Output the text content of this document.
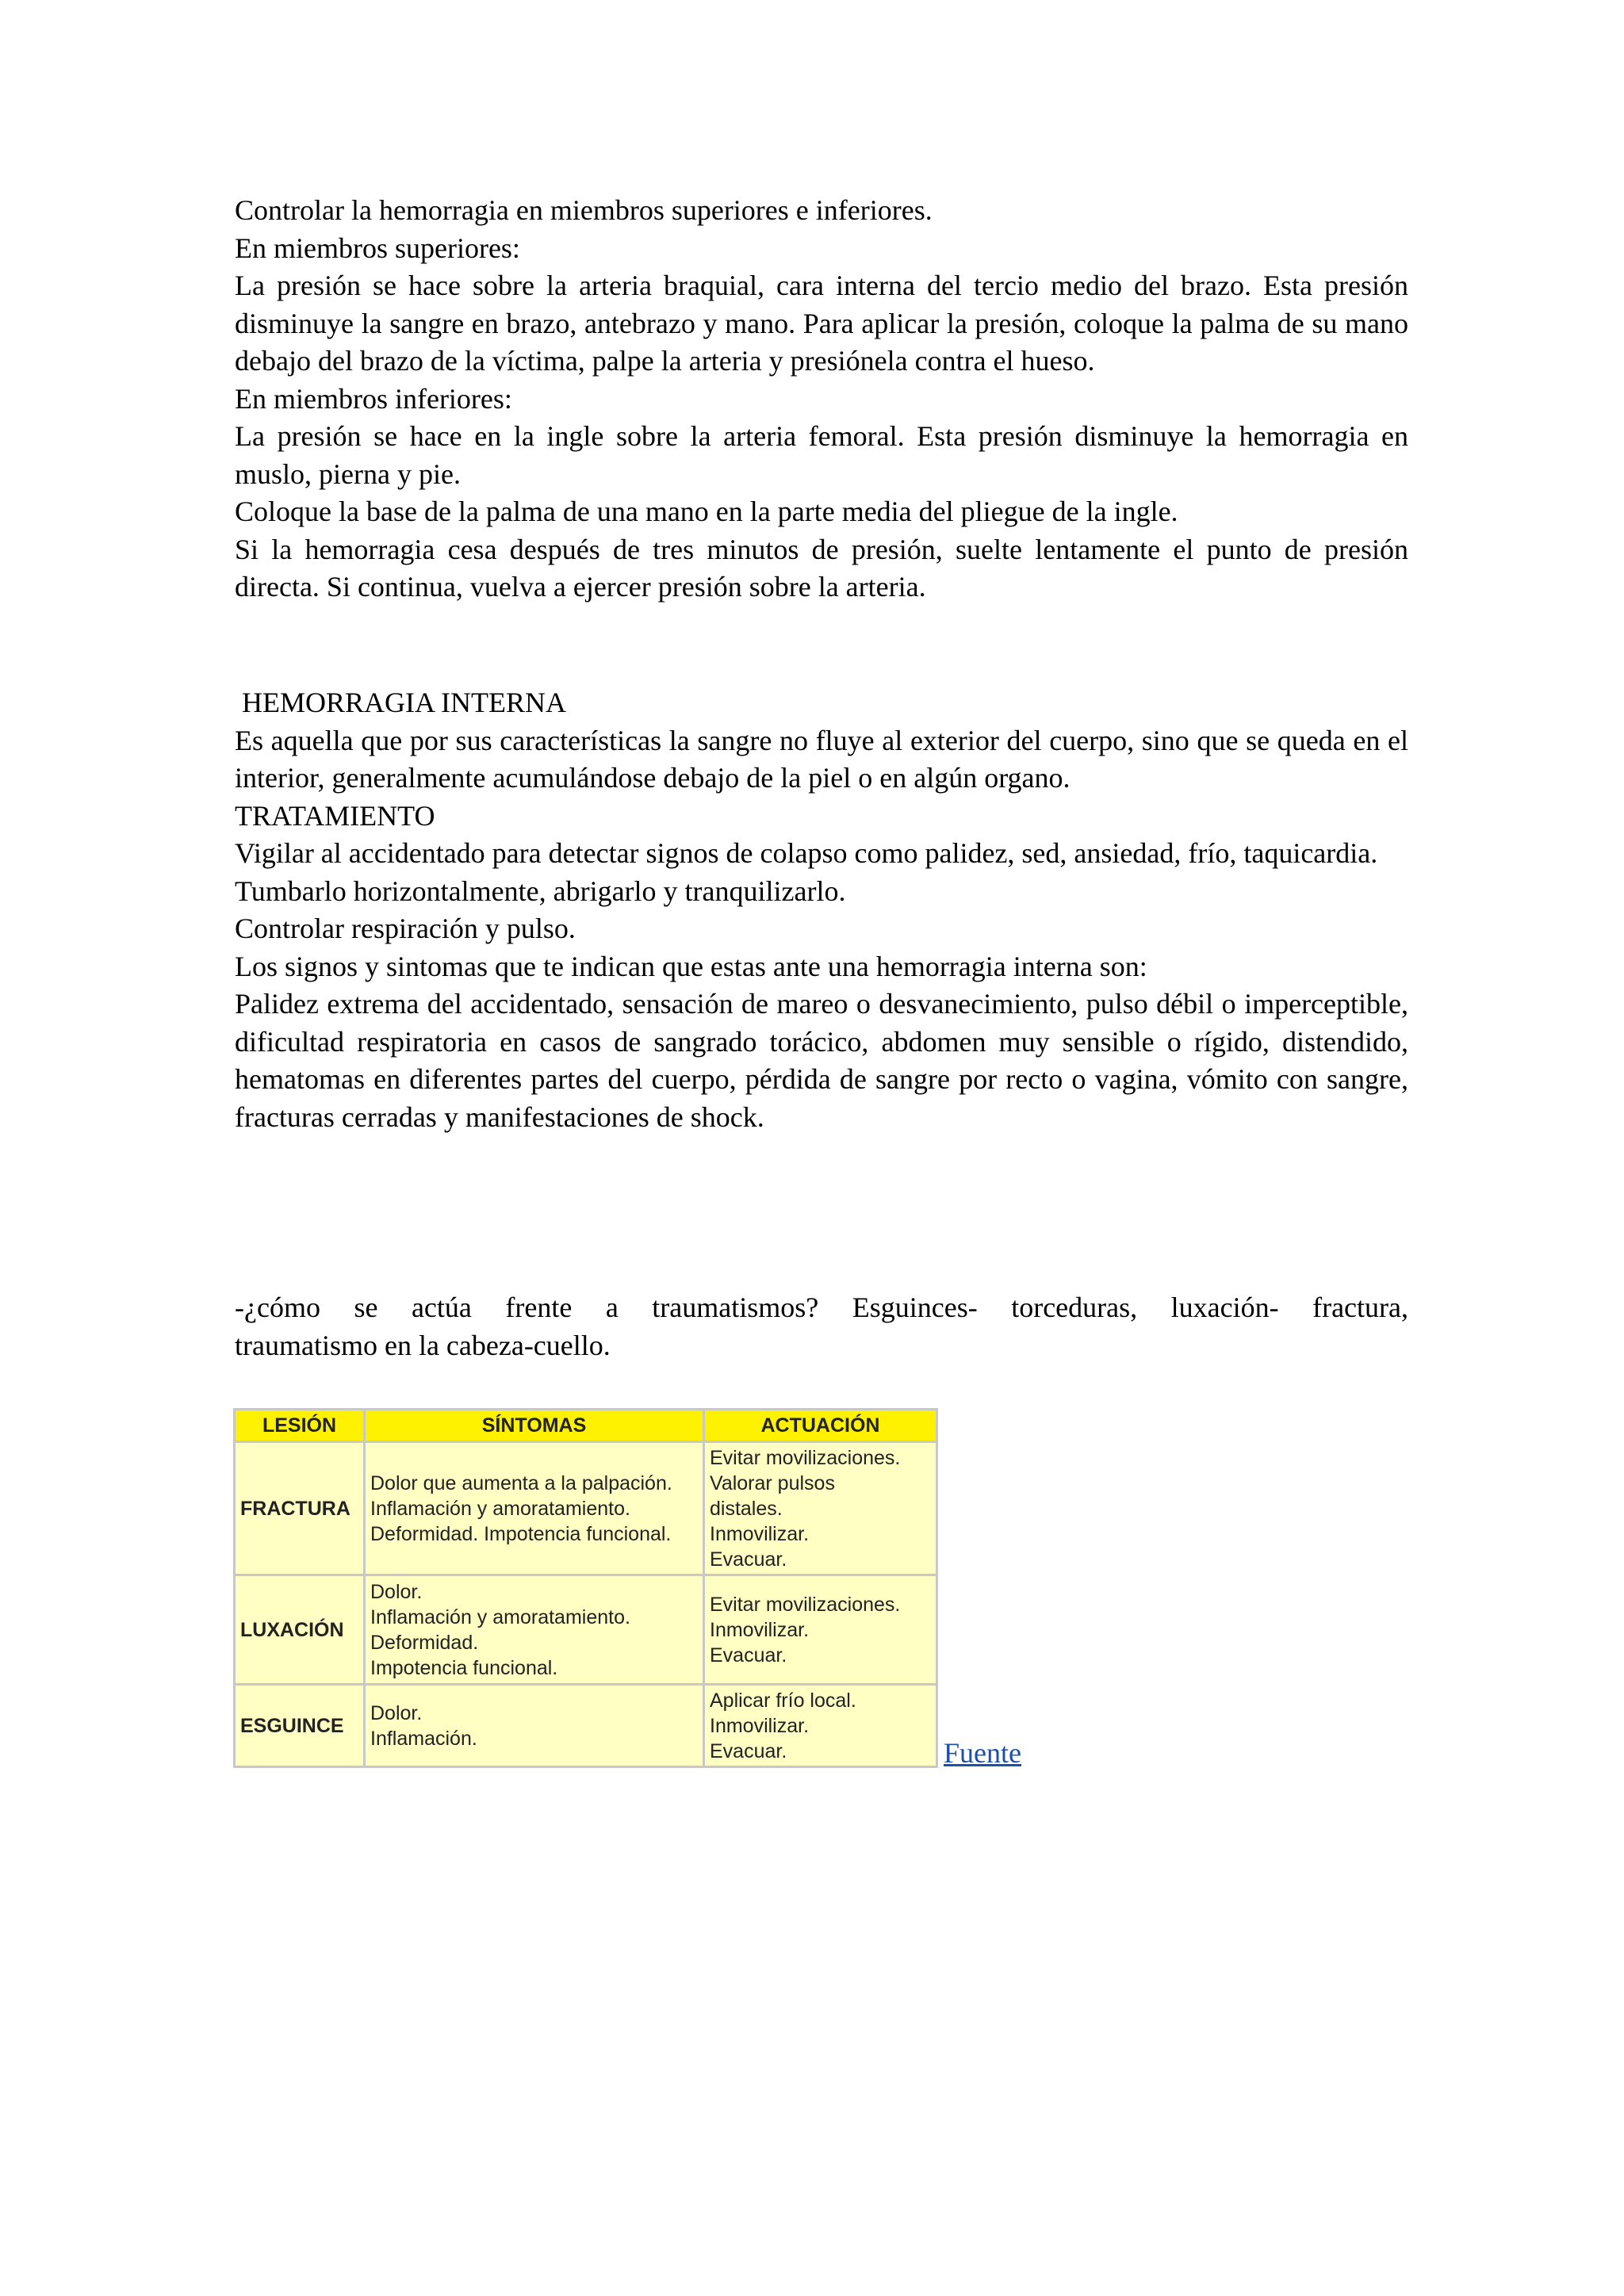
Controlar la hemorragia en miembros superiores e inferiores.

En miembros superiores:

La presión se hace sobre la arteria braquial, cara interna del tercio medio del brazo. Esta presión disminuye la sangre en brazo, antebrazo y mano. Para aplicar la presión, coloque la palma de su mano debajo del brazo de la víctima, palpe la arteria y presiónela contra el hueso.

En miembros inferiores:

La presión se hace en la ingle sobre la arteria femoral. Esta presión disminuye la hemorragia en muslo, pierna y pie.

Coloque la base de la palma de una mano en la parte media del pliegue de la ingle.

Si la hemorragia cesa después de tres minutos de presión, suelte lentamente el punto de presión directa. Si continua, vuelva a ejercer presión sobre la arteria.

HEMORRAGIA INTERNA

Es aquella que por sus características la sangre no fluye al exterior del cuerpo, sino que se queda en el interior, generalmente acumulándose debajo de la piel o en algún organo.

TRATAMIENTO

Vigilar al accidentado para detectar signos de colapso como palidez, sed, ansiedad, frío, taquicardia.

Tumbarlo horizontalmente, abrigarlo y tranquilizarlo.

Controlar respiración y pulso.

Los signos y sintomas que te indican que estas ante una hemorragia interna son:

Palidez extrema del accidentado, sensación de mareo o desvanecimiento, pulso débil o imperceptible, dificultad respiratoria en casos de sangrado torácico, abdomen muy sensible o rígido, distendido, hematomas en diferentes partes del cuerpo, pérdida de sangre por recto o vagina, vómito con sangre, fracturas cerradas y manifestaciones de shock.

-¿cómo se actúa frente a traumatismos? Esguinces- torceduras, luxación- fractura,

traumatismo en la cabeza-cuello.

LESIÓN	SÍNTOMAS	ACTUACIÓN
FRACTURA	Dolor que aumenta a la palpación.
Inflamación y amoratamiento.
Deformidad. Impotencia funcional.	Evitar movilizaciones.
Valorar pulsos
distales.
Inmovilizar.
Evacuar.

LUXACIÓN	Dolor.
Inflamación y amoratamiento.
Deformidad.
Impotencia funcional.	Evitar movilizaciones.
Inmovilizar.
Evacuar.

ESGUINCE	Dolor.
Inflamación.	Aplicar frío local.
Inmovilizar.
Evacuar.	Fuente
